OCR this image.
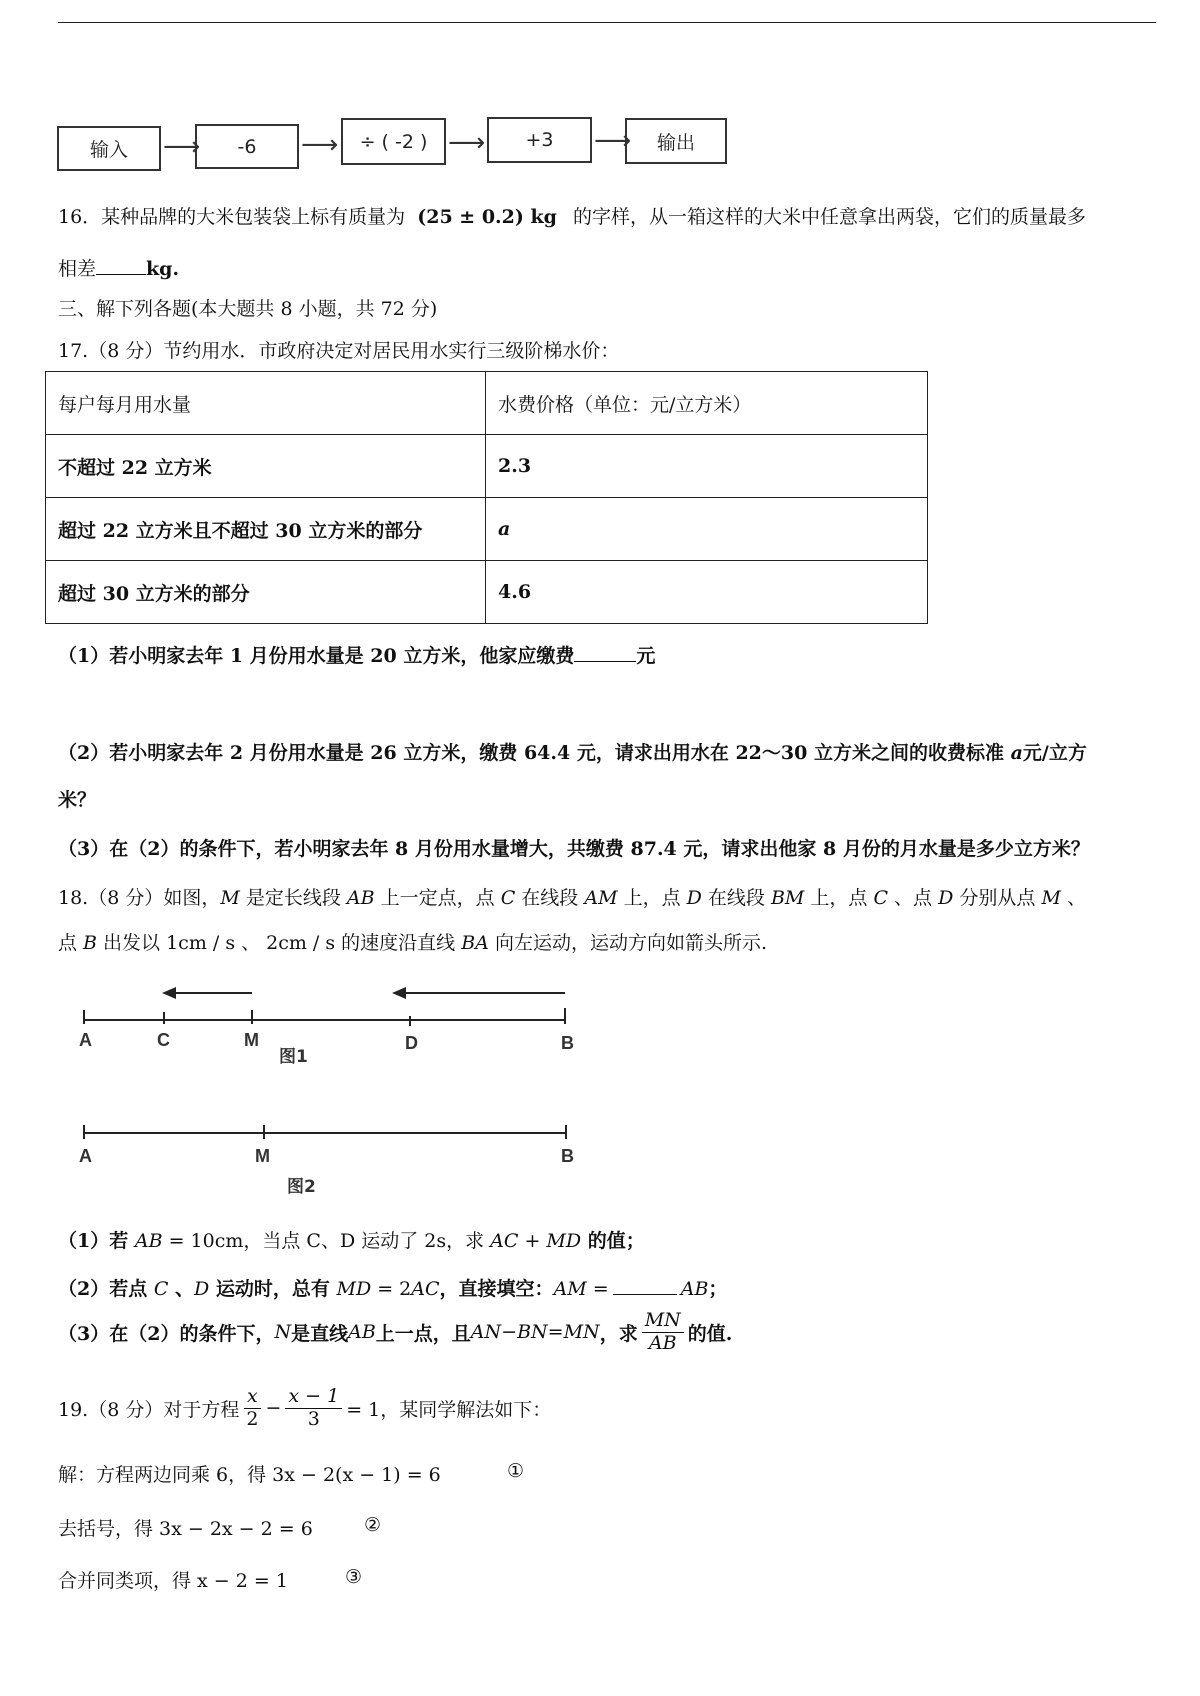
输入	⟶	-6	⟶	÷ ( -2 ) ⟶	+3	⟶	输出
16．某种品牌的大米包装袋上标有质量为 (25 ± 0.2) kg 的字样，从一箱这样的大米中任意拿出两袋，它们的质量最多
相差	kg.
三、解下列各题(本大题共 8 小题，共 72 分)
17.（8 分）节约用水．市政府决定对居民用水实行三级阶梯水价：
每户每月用水量	水费价格（单位：元/立方米）
不超过 22 立方米	2.3
超过 22 立方米且不超过 30 立方米的部分	a
超过 30 立方米的部分	4.6
（1）若小明家去年 1 月份用水量是 20 立方米，他家应缴费	元
（2）若小明家去年 2 月份用水量是 26 立方米，缴费 64.4 元，请求出用水在 22～30 立方米之间的收费标准 a元/立方
米？
（3）在（2）的条件下，若小明家去年 8 月份用水量增大，共缴费 87.4 元，请求出他家 8 月份的月水量是多少立方米？
18.（8 分）如图，M 是定长线段 AB 上一定点，点 C 在线段 AM 上，点 D 在线段 BM 上，点 C 、点 D 分别从点 M 、
点 B 出发以 1cm / s 、 2cm / s 的速度沿直线 BA 向左运动，运动方向如箭头所示.
A	C	M	D	B
图1
A	M	B
图2
（1）若 AB = 10cm，当点 C、D 运动了 2s，求 AC + MD 的值；
（2）若点 C 、D 运动时，总有 MD = 2AC，直接填空：AM =	AB；
（3）在（2）的条件下， N 是直线 AB 上一点，且 AN − BN = MN ，求 $\frac{MN}{AB}$ 的值.
19.（8 分）对于方程 $\frac{x}{2} - \frac{x - 1}{3} = 1$，某同学解法如下：
解：方程两边同乘 6，得 3x − 2(x − 1) = 6	①
去括号，得 3x − 2x − 2 = 6	②
合并同类项，得 x − 2 = 1	③
